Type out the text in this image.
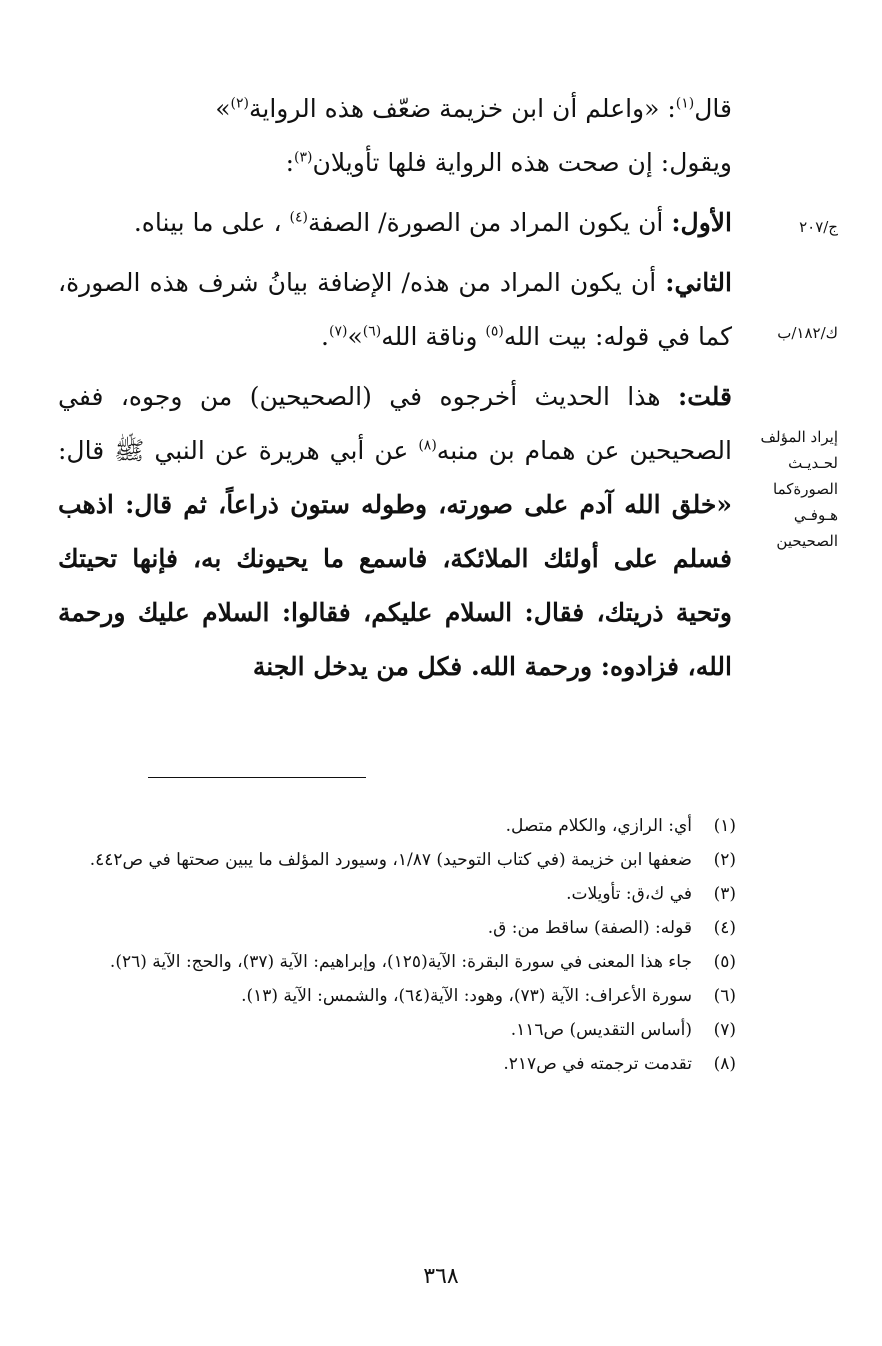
قال$^{(١)}$: «واعلم أن ابن خزيمة ضعّف هذه الرواية$^{(٢)}$»
ويقول: إن صحت هذه الرواية فلها تأويلان$^{(٣)}$:

الأول: أن يكون المراد من الصورة/ الصفة$^{(٤)}$ ، على ما بيناه.

الثاني: أن يكون المراد من هذه/ الإضافة بيانُ شرف هذه الصورة، كما في قوله: بيت الله$^{(٥)}$ وناقة الله$^{(٦)}$»$^{(٧)}$.

قلت: هذا الحديث أخرجوه في (الصحيحين) من وجوه، ففي الصحيحين عن همام بن منبه$^{(٨)}$ عن أبي هريرة عن النبي ﷺ قال: «خلق الله آدم على صورته، وطوله ستون ذراعاً، ثم قال: اذهب فسلم على أولئك الملائكة، فاسمع ما يحيونك به، فإنها تحيتك وتحية ذريتك، فقال: السلام عليكم، فقالوا: السلام عليك ورحمة الله، فزادوه: ورحمة الله. فكل من يدخل الجنة

ج/٢٠٧
ك/١٨٢/ب
إيراد المؤلف لحـديـث الصورةكما هـوفـي الصحيحين
(١)
أي: الرازي، والكلام متصل.
(٢)
ضعفها ابن خزيمة (في كتاب التوحيد) ١/٨٧، وسيورد المؤلف ما يبين صحتها في ص٤٤٢.
(٣)
في ك،ق: تأويلات.
(٤)
قوله: (الصفة) ساقط من: ق.
(٥)
جاء هذا المعنى في سورة البقرة: الآية(١٢٥)، وإبراهيم: الآية (٣٧)، والحج: الآية (٢٦).
(٦)
سورة الأعراف: الآية (٧٣)، وهود: الآية(٦٤)، والشمس: الآية (١٣).
(٧)
(أساس التقديس) ص١١٦.
(٨)
تقدمت ترجمته في ص٢١٧.
٣٦٨
